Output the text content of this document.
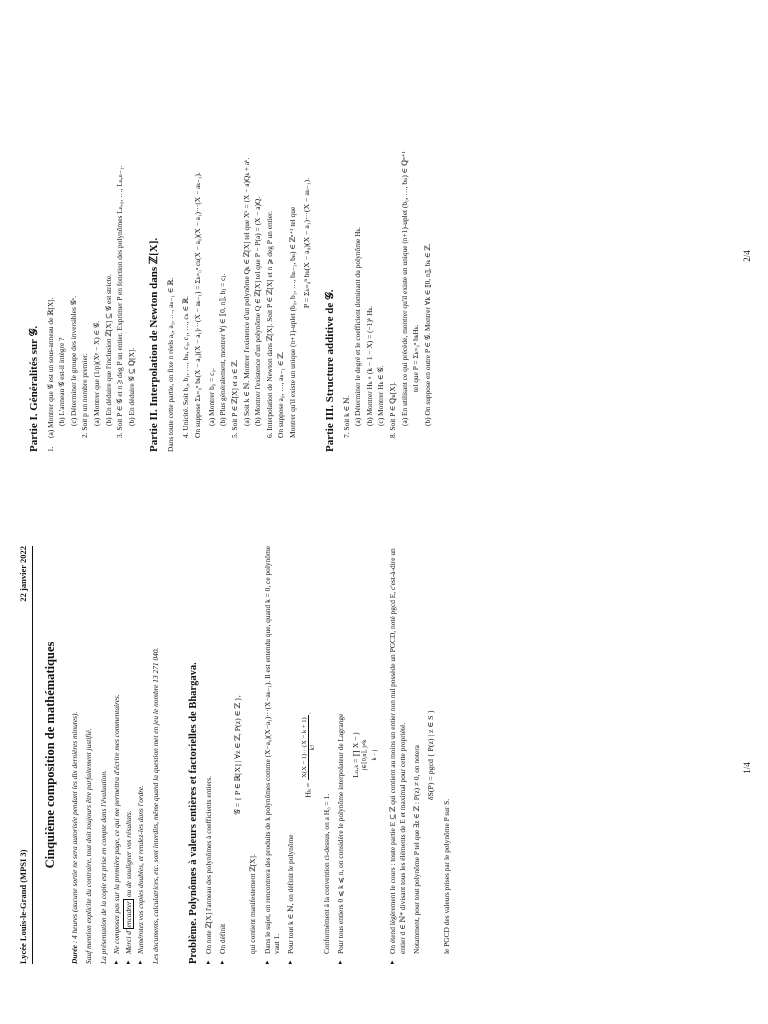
Lycée Louis-le-Grand (MPSI 3)
22 janvier 2022
Cinquième composition de mathématiques

Durée : 4 heures (aucune sortie ne sera autorisée pendant les dix dernières minutes). Sauf mention explicite du contraire, tout doit toujours être parfaitement justifié. La présentation de la copie est prise en compte dans l'évaluation. ▸ Ne composez pas sur la première page, ce qui me permettra d'écrire mes commentaires. ▸ Merci d'encadrer ou de souligner vos résultats. ▸ Numérotez vos copies doubles, et rendez-les dans l'ordre. Les documents, calculatrices, etc. sont interdits, même quand la question met en jeu le nombre 13 271 040.	Problème. Polynômes à valeurs entières et factorielles de Bhargava. ▸ On note ℤ[X] l'anneau des polynômes à coefficients entiers. ▸ On définit
𝒢 = { P ∈ ℝ[X] | ∀z ∈ ℤ, P(z) ∈ ℤ },

qui contient manifestement ℤ[X]. ▸ Dans le sujet, on rencontrera des produits de k polynômes comme (X−a₀)(X−a₁)···(X−aₖ₋₁). Il est entendu que, quand k = 0, ce polynôme vaut 1. ▸ Pour tout k ∈ ℕ, on définit le polynôme
Hₖ =
X(X − 1)···(X − k + 1) k!
.

Conformément à la convention ci-dessus, on a H₀ = 1. ▸ Pour tous entiers 0 ⩽ k ⩽ n, on considère le polynôme interpolateur de Lagrange Lₙ,ₖ = ∏ X − j j∈⟦0,n⟧, j≠k k − j	▸ On étend légèrement le cours : toute partie E ⊆ ℤ qui contient au moins un entier non nul possède un PGCD, noté pgcd E, c'est-à-dire un entier d ∈ ℕ* divisant tous les éléments de E et maximal pour cette propriété. Notamment, pour tout polynôme P tel que ∃z ∈ ℤ : P(z) ≠ 0, on notera δS(P) = pgcd { P(z) | z ∈ S }

le PGCD des valeurs prises par le polynôme P sur S.

1/4
Partie I. Généralités sur 𝒢. 1.
(a) Montrer que 𝒢 est un sous-anneau de ℝ[X]. (b) L'anneau 𝒢 est-il intègre ? (c) Déterminer le groupe des inversibles 𝒢ˣ. 2. Soit p un nombre premier. (a) Montrer que (1/p)(Xᵖ − X) ∈ 𝒢. (b) En déduire que l'inclusion ℤ[X] ⊆ 𝒢 est stricte. 3. Soit P ∈ 𝒢 et n ⩾ deg P un entier. Exprimer P en fonction des polynômes Lₙ,₀, …, Lₙ,ₙ₋₁. (b) En déduire 𝒢 ⊆ ℚ[X]. Partie II. Interpolation de Newton dans ℤ[X]. Dans toute cette partie, on fixe n réels a₀, a₁, …, aₙ₋₁ ∈ ℝ. 4. Unicité. Soit b₀, b₁, …, bₙ, c₀, c₁, …, cₙ ∈ ℝ. On suppose Σₖ₌₀ⁿ bₖ(X − a₀)(X − a₁)···(X − aₖ₋₁) = Σₖ₌₀ⁿ cₖ(X − a₀)(X − a₁)···(X − aₖ₋₁). (a) Montrer b₀ = c₀. (b) Plus généralement, montrer ∀j ∈ ⟦0, n⟧, bⱼ = cⱼ. 5. Soit P ∈ ℤ[X] et a ∈ ℤ. (a) Soit k ∈ ℕ. Montrer l'existence d'un polynôme Qₖ ∈ ℤ[X] tel que Xᵏ = (X − a)Qₖ + aᵏ. (b) Montrer l'existence d'un polynôme Q ∈ ℤ[X] tel que P − P(a) = (X − a)Q. 6. Interpolation de Newton dans ℤ[X]. Soit P ∈ ℤ[X] et n ⩾ deg P un entier. On suppose a₀, …, aₙ₋₁ ∈ ℤ. Montrer qu'il existe un unique (n+1)-uplet (b₀, b₁, …, bₙ₋₁, bₙ) ∈ ℤⁿ⁺¹ tel que P = Σₖ₌₀ⁿ bₖ(X − a₀)(X − a₁)···(X − aₖ₋₁).
Partie III. Structure additive de 𝒢. 7. Soit k ∈ ℕ. (a) Déterminer le degré et le coefficient dominant du polynôme Hₖ. (b) Montrer Hₖ ∘ (k − 1 − X) = (−1)ᵏ Hₖ. (c) Montrer Hₖ ∈ 𝒢. 8. Soit P ∈ ℚₙ[X]. (a) En utilisant ce qui précède, montrer qu'il existe un unique (n+1)-uplet (b₀, …, bₙ) ∈ ℚⁿ⁺¹ tel que P = Σₖ₌₀ⁿ bₖHₖ. (b) On suppose en outre P ∈ 𝒢. Montrer ∀k ∈ ⟦0, n⟧, bₖ ∈ ℤ.	2/4
